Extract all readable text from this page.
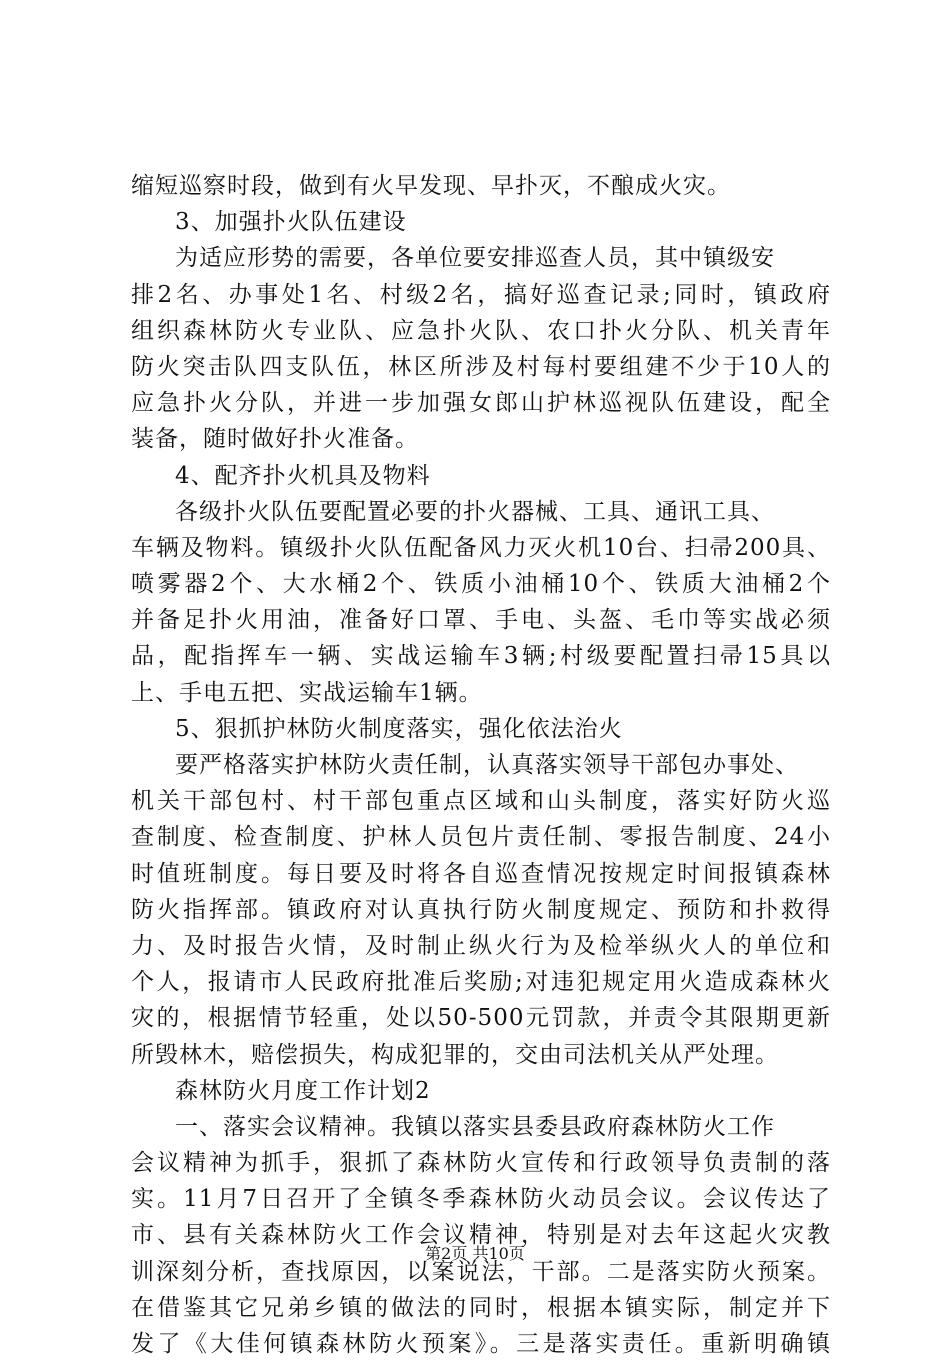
缩短巡察时段，做到有火早发现、早扑灭，不酿成火灾。
3、加强扑火队伍建设
为适应形势的需要，各单位要安排巡查人员，其中镇级安
排2名、办事处1名、村级2名，搞好巡查记录;同时，镇政府
组织森林防火专业队、应急扑火队、农口扑火分队、机关青年
防火突击队四支队伍，林区所涉及村每村要组建不少于10人的
应急扑火分队，并进一步加强女郎山护林巡视队伍建设，配全
装备，随时做好扑火准备。
4、配齐扑火机具及物料
各级扑火队伍要配置必要的扑火器械、工具、通讯工具、
车辆及物料。镇级扑火队伍配备风力灭火机10台、扫帚200具、
喷雾器2个、大水桶2个、铁质小油桶10个、铁质大油桶2个
并备足扑火用油，准备好口罩、手电、头盔、毛巾等实战必须
品，配指挥车一辆、实战运输车3辆;村级要配置扫帚15具以
上、手电五把、实战运输车1辆。
5、狠抓护林防火制度落实，强化依法治火
要严格落实护林防火责任制，认真落实领导干部包办事处、
机关干部包村、村干部包重点区域和山头制度，落实好防火巡
查制度、检查制度、护林人员包片责任制、零报告制度、24小
时值班制度。每日要及时将各自巡查情况按规定时间报镇森林
防火指挥部。镇政府对认真执行防火制度规定、预防和扑救得
力、及时报告火情，及时制止纵火行为及检举纵火人的单位和
个人，报请市人民政府批准后奖励;对违犯规定用火造成森林火
灾的，根据情节轻重，处以50-500元罚款，并责令其限期更新
所毁林木，赔偿损失，构成犯罪的，交由司法机关从严处理。
森林防火月度工作计划2
一、落实会议精神。我镇以落实县委县政府森林防火工作
会议精神为抓手，狠抓了森林防火宣传和行政领导负责制的落
实。11月7日召开了全镇冬季森林防火动员会议。会议传达了
市、县有关森林防火工作会议精神，特别是对去年这起火灾教
训深刻分析，查找原因，以案说法，干部。二是落实防火预案。
在借鉴其它兄弟乡镇的做法的同时，根据本镇实际，制定并下
发了《大佳何镇森林防火预案》。三是落实责任。重新明确镇
第2页 共10页
